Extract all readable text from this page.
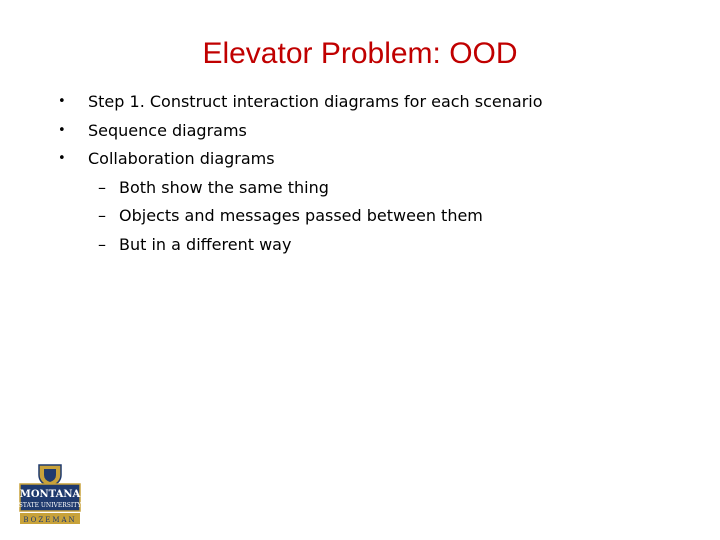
Elevator Problem: OOD
• Step 1. Construct interaction diagrams for each scenario
• Sequence diagrams
• Collaboration diagrams
– Both show the same thing
– Objects and messages passed between them
– But in a different way
MONTANA
STATE UNIVERSITY
BOZEMAN
